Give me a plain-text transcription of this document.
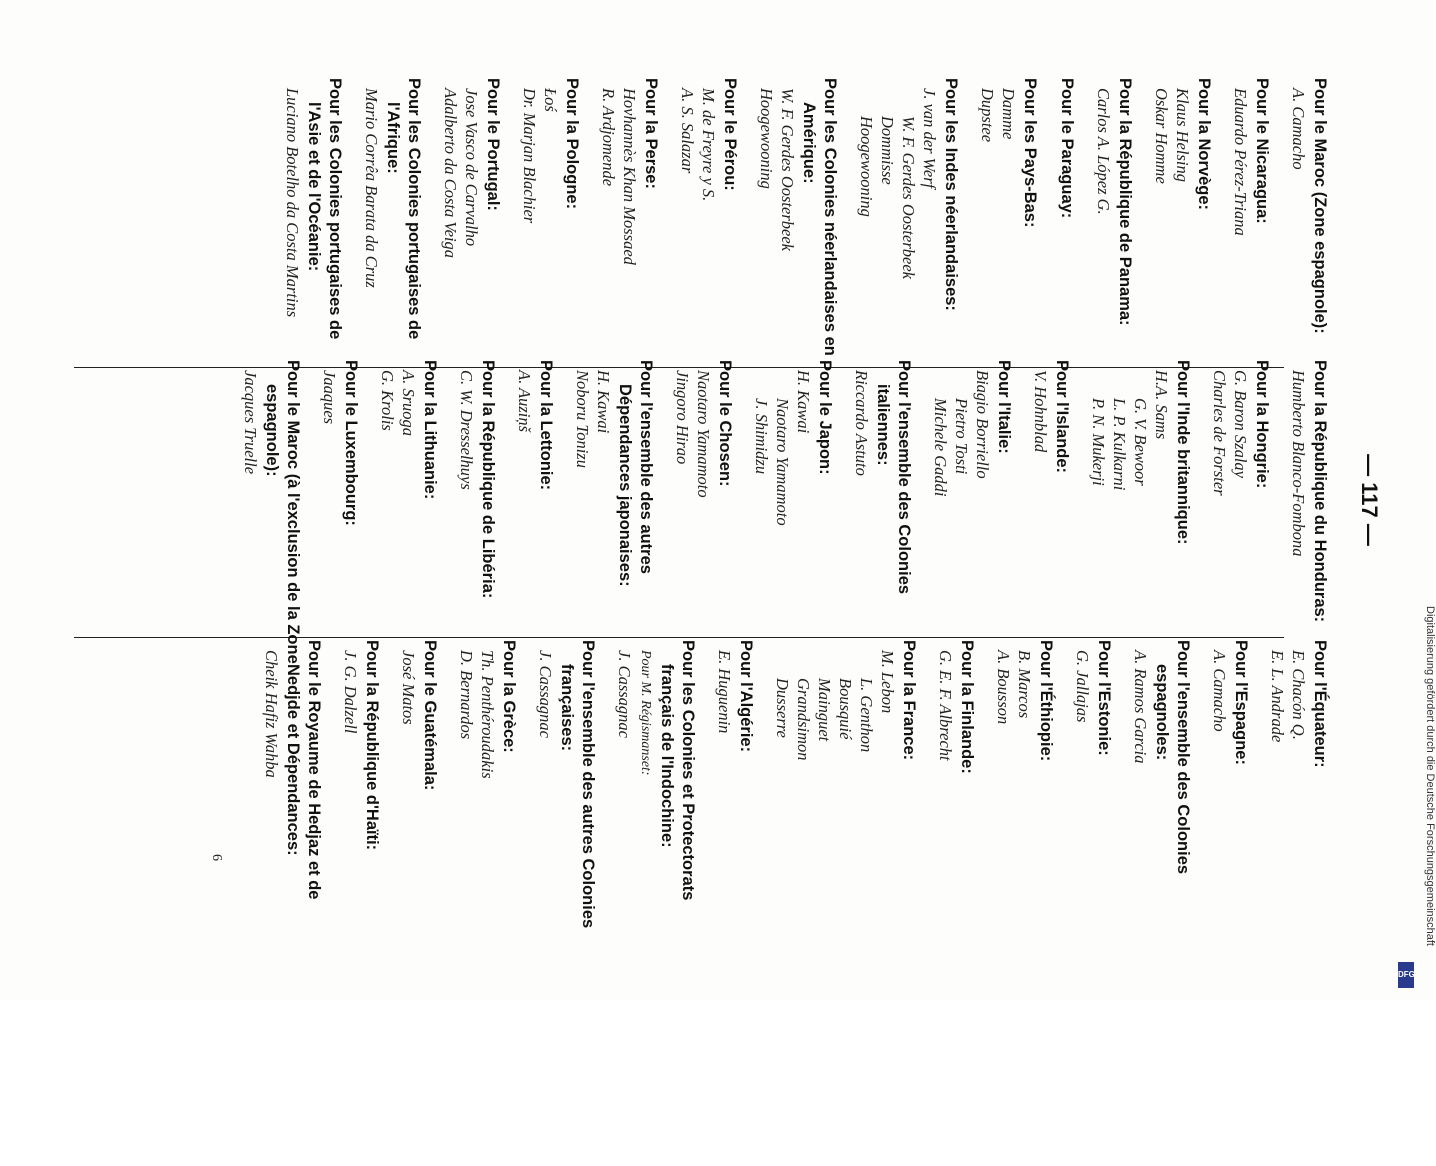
— 117 —
Pour le Maroc (Zone espagnole):
A. Camacho
Pour le Nicaragua:
Eduardo Pérez-Triana
Pour la Norvège:
Klaus Helsing
Oskar Homme
Pour la République de Panama:
Carlos A. López G.
Pour le Paraguay:
Pour les Pays-Bas:
Damme
Dupstee
Pour les Indes néerlandaises:
J. van der Werf
W. F. Gerdes Oosterbeek
Dommisse
Hoogewooning
Pour les Colonies néerlandaises en Amérique:
W. F. Gerdes Oosterbeek
Hoogewooning
Pour le Pérou:
M. de Freyre y S.
A. S. Salazar
Pour la Perse:
Hovhannès Khan Mossaed
R. Ardjomende
Pour la Pologne:
Łoś
Dr. Marjan Blachier
Pour le Portugal:
Jose Vasco de Carvalho
Adalberto da Costa Veiga
Pour les Colonies portugaises de l'Afrique:
Mario Corrêa Barata da Cruz
Pour les Colonies portugaises de l'Asie et de l'Océanie:
Luciano Botelho da Costa Martins
Pour la République du Honduras:
Humberto Blanco-Fombona
Pour la Hongrie:
G. Baron Szalay
Charles de Forster
Pour l'Inde britannique:
H.A. Sams
G. V. Bewoor
L. P. Kulkarni
P. N. Mukerji
Pour l'Islande:
V. Hohnblad
Pour l'Italie:
Biagio Borriello
Pietro Tosti
Michele Gaddi
Pour l'ensemble des Colonies italiennes:
Riccardo Astuto
Pour le Japon:
H. Kawai
Naotaro Yamamoto
J. Shimidzu
Pour le Chosen:
Naotaro Yamamoto
Jingoro Hirao
Pour l'ensemble des autres Dépendances japonaises:
H. Kawai
Noboru Tonizu
Pour la Lettonie:
A. Auziņš
Pour la République de Libéria:
C. W. Dresselhuys
Pour la Lithuanie:
A. Sruoga
G. Krolis
Pour le Luxembourg:
Jaaques
Pour le Maroc (à l'exclusion de la Zone espagnole):
Jacques Truelle
Pour l'Équateur:
E. Chacón Q.
E. L. Andrade
Pour l'Espagne:
A. Camacho
Pour l'ensemble des Colonies espagnoles:
A. Ramos Garcia
Pour l'Estonie:
G. Jallajas
Pour l'Éthiopie:
B. Marcos
A. Bousson
Pour la Finlande:
G. E. F. Albrecht
Pour la France:
M. Lebon
L. Genthon
Bousquié
Mainguet
Grandsimon
Dusserre
Pour l'Algérie:
E. Huguenin
Pour les Colonies et Protectorats français de l'Indochine:
Pour M. Régismanset:
J. Cassagnac
Pour l'ensemble des autres Colonies françaises:
J. Cassagnac
Pour la Grèce:
Th. Penthéroudakis
D. Bernardos
Pour le Guatémala:
José Matos
Pour la République d'Haïti:
J. G. Dalzell
Pour le Royaume de Hedjaz et de Nedjde et Dépendances:
Cheik Hafiz Wahba
6	Digitalisierung gefördert durch die Deutsche Forschungsgemeinschaft
DFG
